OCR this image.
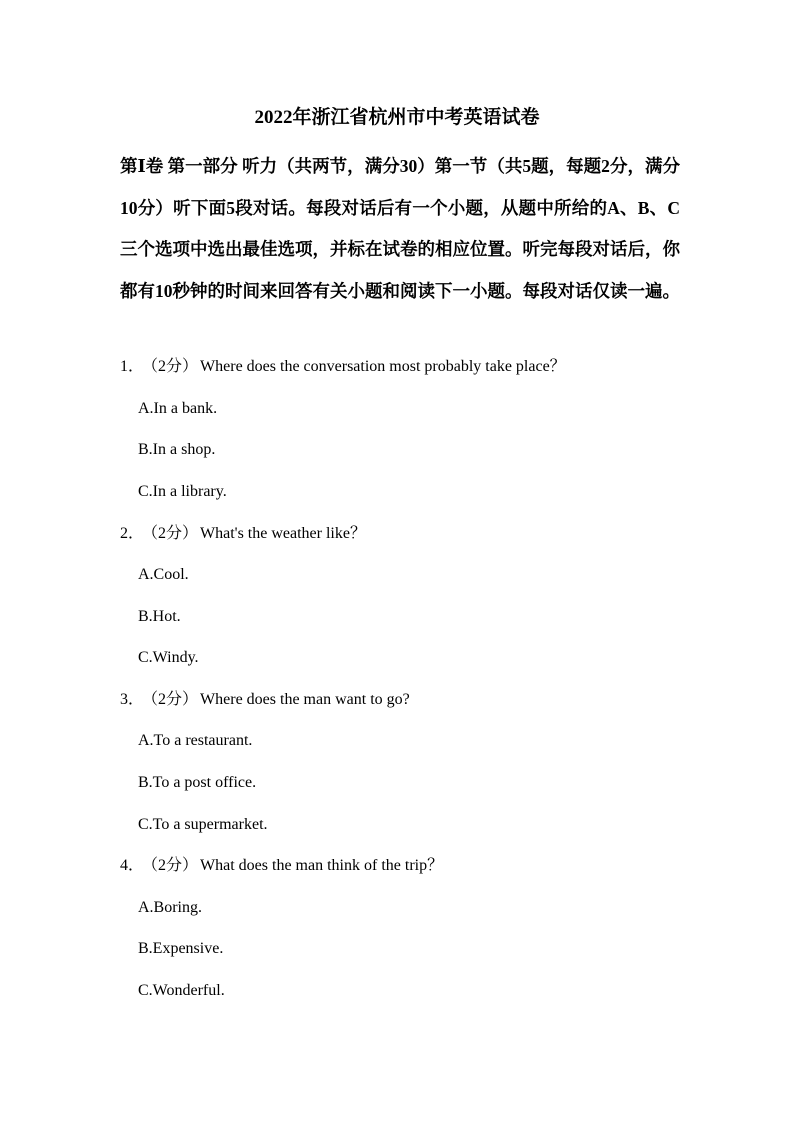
2022年浙江省杭州市中考英语试卷
第Ⅰ卷 第一部分 听力（共两节，满分30）第一节（共5题，每题2分，满分10分）听下面5段对话。每段对话后有一个小题，从题中所给的A、B、C三个选项中选出最佳选项，并标在试卷的相应位置。听完每段对话后，你都有10秒钟的时间来回答有关小题和阅读下一小题。每段对话仅读一遍。
1． （2分） Where does the conversation most probably take place？
A.In a bank.
B.In a shop.
C.In a library.
2． （2分） What's the weather like？
A.Cool.
B.Hot.
C.Windy.
3． （2分） Where does the man want to go?
A.To a restaurant.
B.To a post office.
C.To a supermarket.
4． （2分） What does the man think of the trip？
A.Boring.
B.Expensive.
C.Wonderful.
